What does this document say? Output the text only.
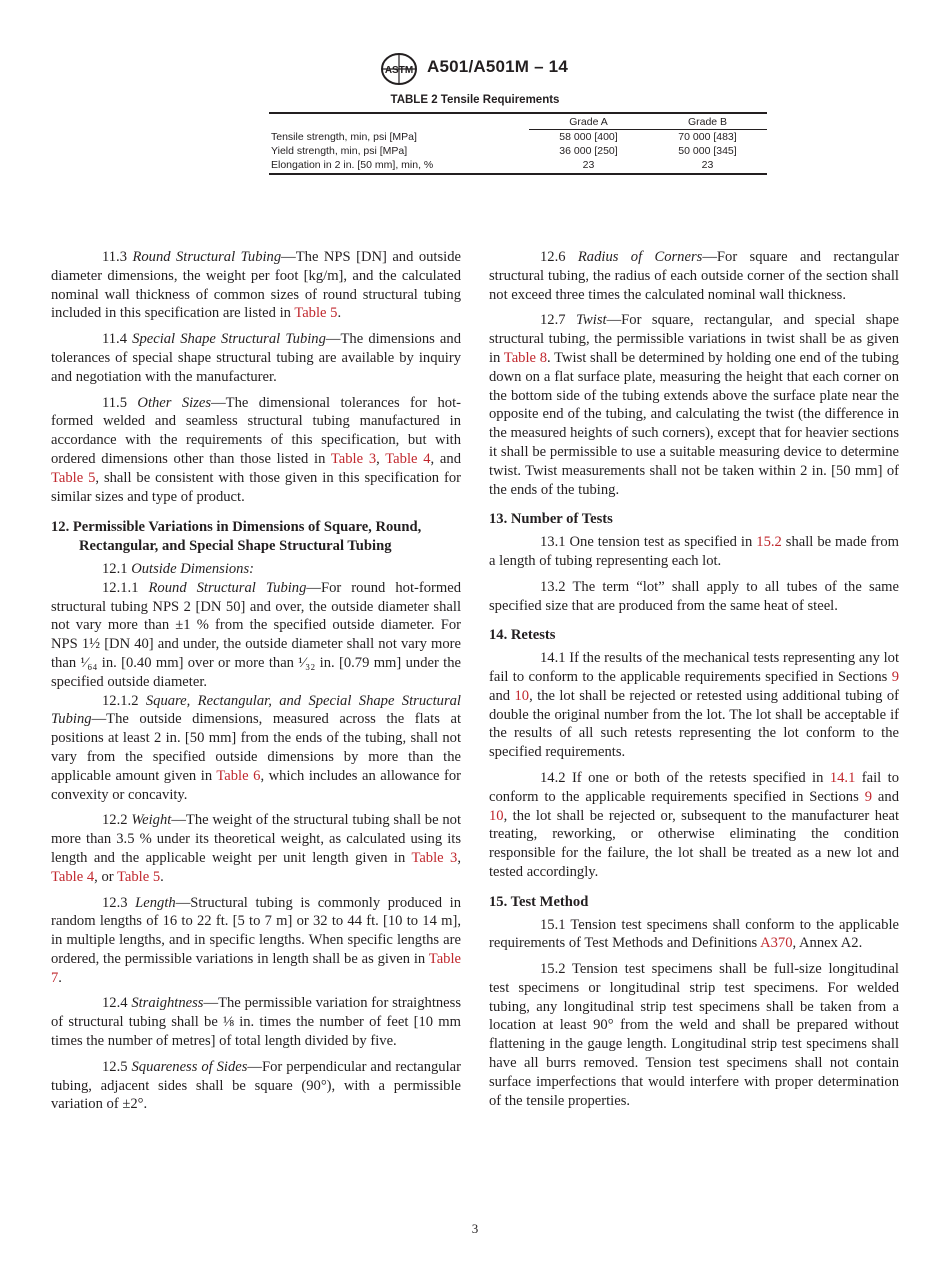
ASTM A501/A501M – 14
TABLE 2 Tensile Requirements
	Grade A	Grade B
Tensile strength, min, psi [MPa]	58 000 [400]	70 000 [483]
Yield strength, min, psi [MPa]	36 000 [250]	50 000 [345]
Elongation in 2 in. [50 mm], min, %	23	23

11.3 Round Structural Tubing—The NPS [DN] and outside diameter dimensions, the weight per foot [kg/m], and the calculated nominal wall thickness of common sizes of round structural tubing included in this specification are listed in Table 5.

11.4 Special Shape Structural Tubing—The dimensions and tolerances of special shape structural tubing are available by inquiry and negotiation with the manufacturer.

11.5 Other Sizes—The dimensional tolerances for hot-formed welded and seamless structural tubing manufactured in accordance with the requirements of this specification, but with ordered dimensions other than those listed in Table 3, Table 4, and Table 5, shall be consistent with those given in this specification for similar sizes and type of product.

12. Permissible Variations in Dimensions of Square, Round, Rectangular, and Special Shape Structural Tubing

12.1 Outside Dimensions:

12.1.1 Round Structural Tubing—For round hot-formed structural tubing NPS 2 [DN 50] and over, the outside diameter shall not vary more than ±1 % from the specified outside diameter. For NPS 1½ [DN 40] and under, the outside diameter shall not vary more than ¹⁄₆₄ in. [0.40 mm] over or more than ¹⁄₃₂ in. [0.79 mm] under the specified outside diameter.

12.1.2 Square, Rectangular, and Special Shape Structural Tubing—The outside dimensions, measured across the flats at positions at least 2 in. [50 mm] from the ends of the tubing, shall not vary from the specified outside dimensions by more than the applicable amount given in Table 6, which includes an allowance for convexity or concavity.

12.2 Weight—The weight of the structural tubing shall be not more than 3.5 % under its theoretical weight, as calculated using its length and the applicable weight per unit length given in Table 3, Table 4, or Table 5.

12.3 Length—Structural tubing is commonly produced in random lengths of 16 to 22 ft. [5 to 7 m] or 32 to 44 ft. [10 to 14 m], in multiple lengths, and in specific lengths. When specific lengths are ordered, the permissible variations in length shall be as given in Table 7.

12.4 Straightness—The permissible variation for straightness of structural tubing shall be ⅛ in. times the number of feet [10 mm times the number of metres] of total length divided by five.

12.5 Squareness of Sides—For perpendicular and rectangular tubing, adjacent sides shall be square (90°), with a permissible variation of ±2°.

12.6 Radius of Corners—For square and rectangular structural tubing, the radius of each outside corner of the section shall not exceed three times the calculated nominal wall thickness.

12.7 Twist—For square, rectangular, and special shape structural tubing, the permissible variations in twist shall be as given in Table 8. Twist shall be determined by holding one end of the tubing down on a flat surface plate, measuring the height that each corner on the bottom side of the tubing extends above the surface plate near the opposite end of the tubing, and calculating the twist (the difference in the measured heights of such corners), except that for heavier sections it shall be permissible to use a suitable measuring device to determine twist. Twist measurements shall not be taken within 2 in. [50 mm] of the ends of the tubing.

13. Number of Tests

13.1 One tension test as specified in 15.2 shall be made from a length of tubing representing each lot.

13.2 The term “lot” shall apply to all tubes of the same specified size that are produced from the same heat of steel.

14. Retests

14.1 If the results of the mechanical tests representing any lot fail to conform to the applicable requirements specified in Sections 9 and 10, the lot shall be rejected or retested using additional tubing of double the original number from the lot. The lot shall be acceptable if the results of all such retests representing the lot conform to the specified requirements.

14.2 If one or both of the retests specified in 14.1 fail to conform to the applicable requirements specified in Sections 9 and 10, the lot shall be rejected or, subsequent to the manufacturer heat treating, reworking, or otherwise eliminating the condition responsible for the failure, the lot shall be treated as a new lot and tested accordingly.

15. Test Method

15.1 Tension test specimens shall conform to the applicable requirements of Test Methods and Definitions A370, Annex A2.

15.2 Tension test specimens shall be full-size longitudinal test specimens or longitudinal strip test specimens. For welded tubing, any longitudinal strip test specimens shall be taken from a location at least 90° from the weld and shall be prepared without flattening in the gauge length. Longitudinal strip test specimens shall have all burrs removed. Tension test specimens shall not contain surface imperfections that would interfere with proper determination of the tensile properties.

3
